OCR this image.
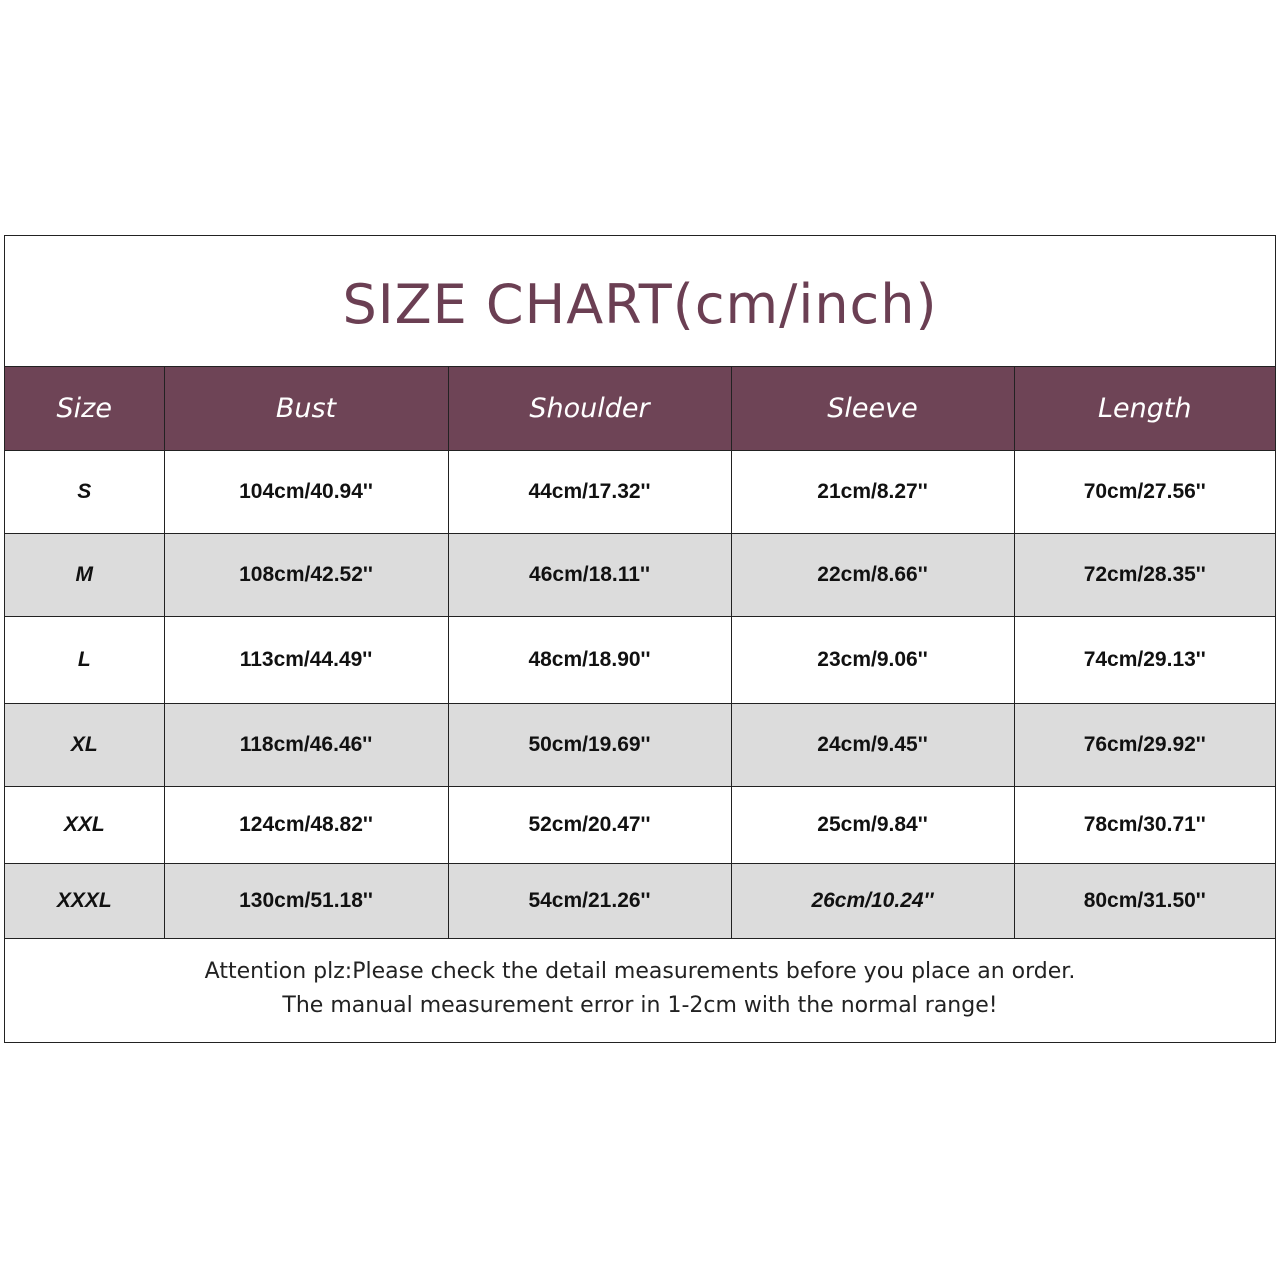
SIZE CHART(cm/inch)
Size	Bust	Shoulder	Sleeve	Length
S	104cm/40.94''	44cm/17.32''	21cm/8.27''	70cm/27.56''
M	108cm/42.52''	46cm/18.11''	22cm/8.66''	72cm/28.35''
L	113cm/44.49''	48cm/18.90''	23cm/9.06''	74cm/29.13''
XL	118cm/46.46''	50cm/19.69''	24cm/9.45''	76cm/29.92''
XXL	124cm/48.82''	52cm/20.47''	25cm/9.84''	78cm/30.71''
XXXL	130cm/51.18''	54cm/21.26''	26cm/10.24''	80cm/31.50''
Attention plz:Please check the detail measurements before you place an order.
The manual measurement error in 1-2cm with the normal range!
